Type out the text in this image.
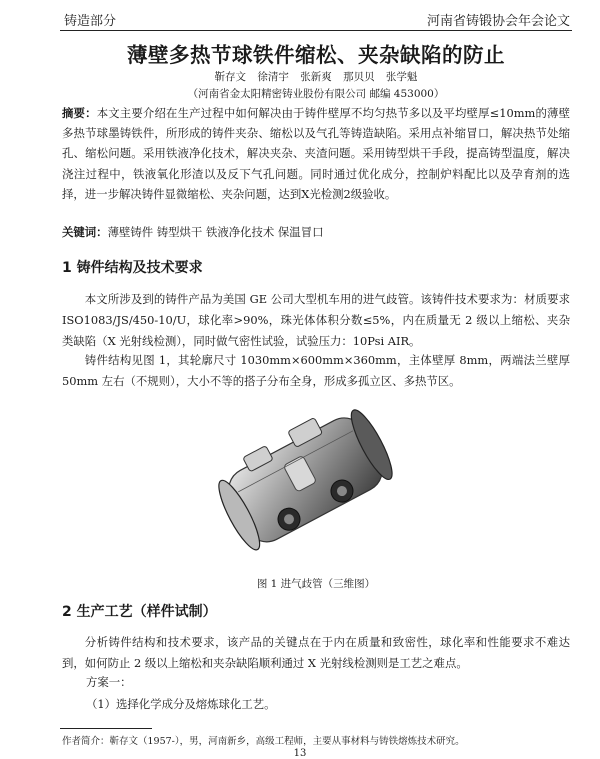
铸造部分	河南省铸锻协会年会论文
薄壁多热节球铁件缩松、夹杂缺陷的防止
靳存文 徐清宇 张新爽 那贝贝 张学魁
（河南省金太阳精密铸业股份有限公司 邮编 453000）
摘要：本文主要介绍在生产过程中如何解决由于铸件壁厚不均匀热节多以及平均壁厚≤10mm的薄壁多热节球墨铸铁件，所形成的铸件夹杂、缩松以及气孔等铸造缺陷。采用点补缩冒口，解决热节处缩孔、缩松问题。采用铁液净化技术，解决夹杂、夹渣问题。采用铸型烘干手段，提高铸型温度，解决浇注过程中，铁液氧化形渣以及反下气孔问题。同时通过优化成分，控制炉料配比以及孕育剂的选择，进一步解决铸件显微缩松、夹杂问题，达到X光检测2级验收。
关键词：薄壁铸件 铸型烘干 铁液净化技术 保温冒口
1 铸件结构及技术要求
本文所涉及到的铸件产品为美国 GE 公司大型机车用的进气歧管。该铸件技术要求为：材质要求 ISO1083/JS/450-10/U，球化率>90%，珠光体体积分数≤5%，内在质量无 2 级以上缩松、夹杂类缺陷（X 光射线检测），同时做气密性试验，试验压力：10Psi AIR。
铸件结构见图 1，其轮廓尺寸 1030mm×600mm×360mm，主体壁厚 8mm，两端法兰壁厚 50mm 左右（不规则），大小不等的搭子分布全身，形成多孤立区、多热节区。
图 1 进气歧管（三维图）
2 生产工艺（样件试制）
分析铸件结构和技术要求，该产品的关键点在于内在质量和致密性，球化率和性能要求不难达到，如何防止 2 级以上缩松和夹杂缺陷顺利通过 X 光射线检测则是工艺之难点。
方案一：
（1）选择化学成分及熔炼球化工艺。
作者简介：靳存文（1957-），男，河南新乡，高级工程师，主要从事材料与铸铁熔炼技术研究。
13
